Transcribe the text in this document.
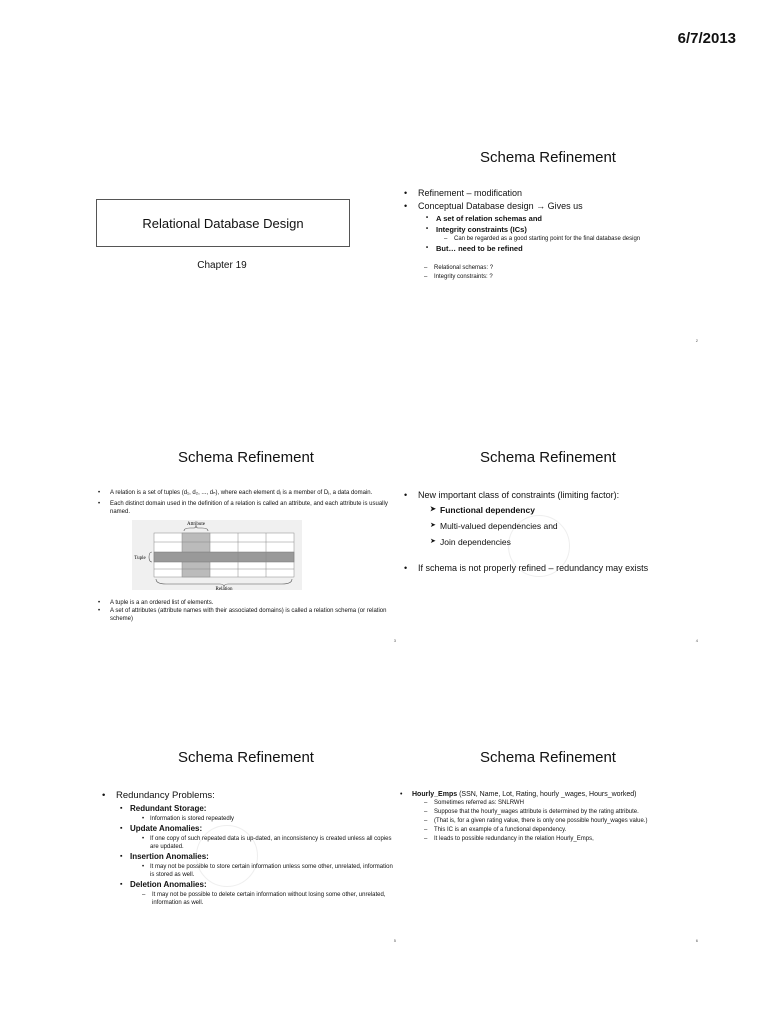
6/7/2013
Relational Database Design
Chapter 19
Schema Refinement
• Refinement – modification
• Conceptual Database design → Gives us
• A set of relation schemas and
• Integrity constraints (ICs)
– Can be regarded as a good starting point for the final database design
• But… need to be refined
– Relational schemas: ?
– Integrity constraints: ?
2
Schema Refinement
• A relation is a set of tuples (d₁, d₂, ..., dₙ), where each element dⱼ is a member of Dⱼ, a data domain.
• Each distinct domain used in the definition of a relation is called an attribute, and each attribute is usually named.
Attribute
Tuple
Relation
• A tuple is a an ordered list of elements.
• A set of attributes (attribute names with their associated domains) is called a relation schema (or relation scheme)
3
Schema Refinement
• New important class of constraints (limiting factor):
➤ Functional dependency
➤ Multi-valued dependencies and
➤ Join dependencies
• If schema is not properly refined – redundancy may exists
4
Schema Refinement
• Redundancy Problems:
▪ Redundant Storage:
• Information is stored repeatedly
▪ Update Anomalies:
• If one copy of such repeated data is up-dated, an inconsistency is created unless all copies are updated.
▪ Insertion Anomalies:
• It may not be possible to store certain information unless some other, unrelated, information is stored as well.
▪ Deletion Anomalies:
– It may not be possible to delete certain information without losing some other, unrelated, information as well.
5
Schema Refinement
• Hourly_Emps (SSN, Name, Lot, Rating, hourly _wages, Hours_worked)
– Sometimes referred as: SNLRWH
– Suppose that the hourly_wages attribute is determined by the rating attribute.
– (That is, for a given rating value, there is only one possible hourly_wages value.)
– This IC is an example of a functional dependency.
– It leads to possible redundancy in the relation Hourly_Emps,
6
